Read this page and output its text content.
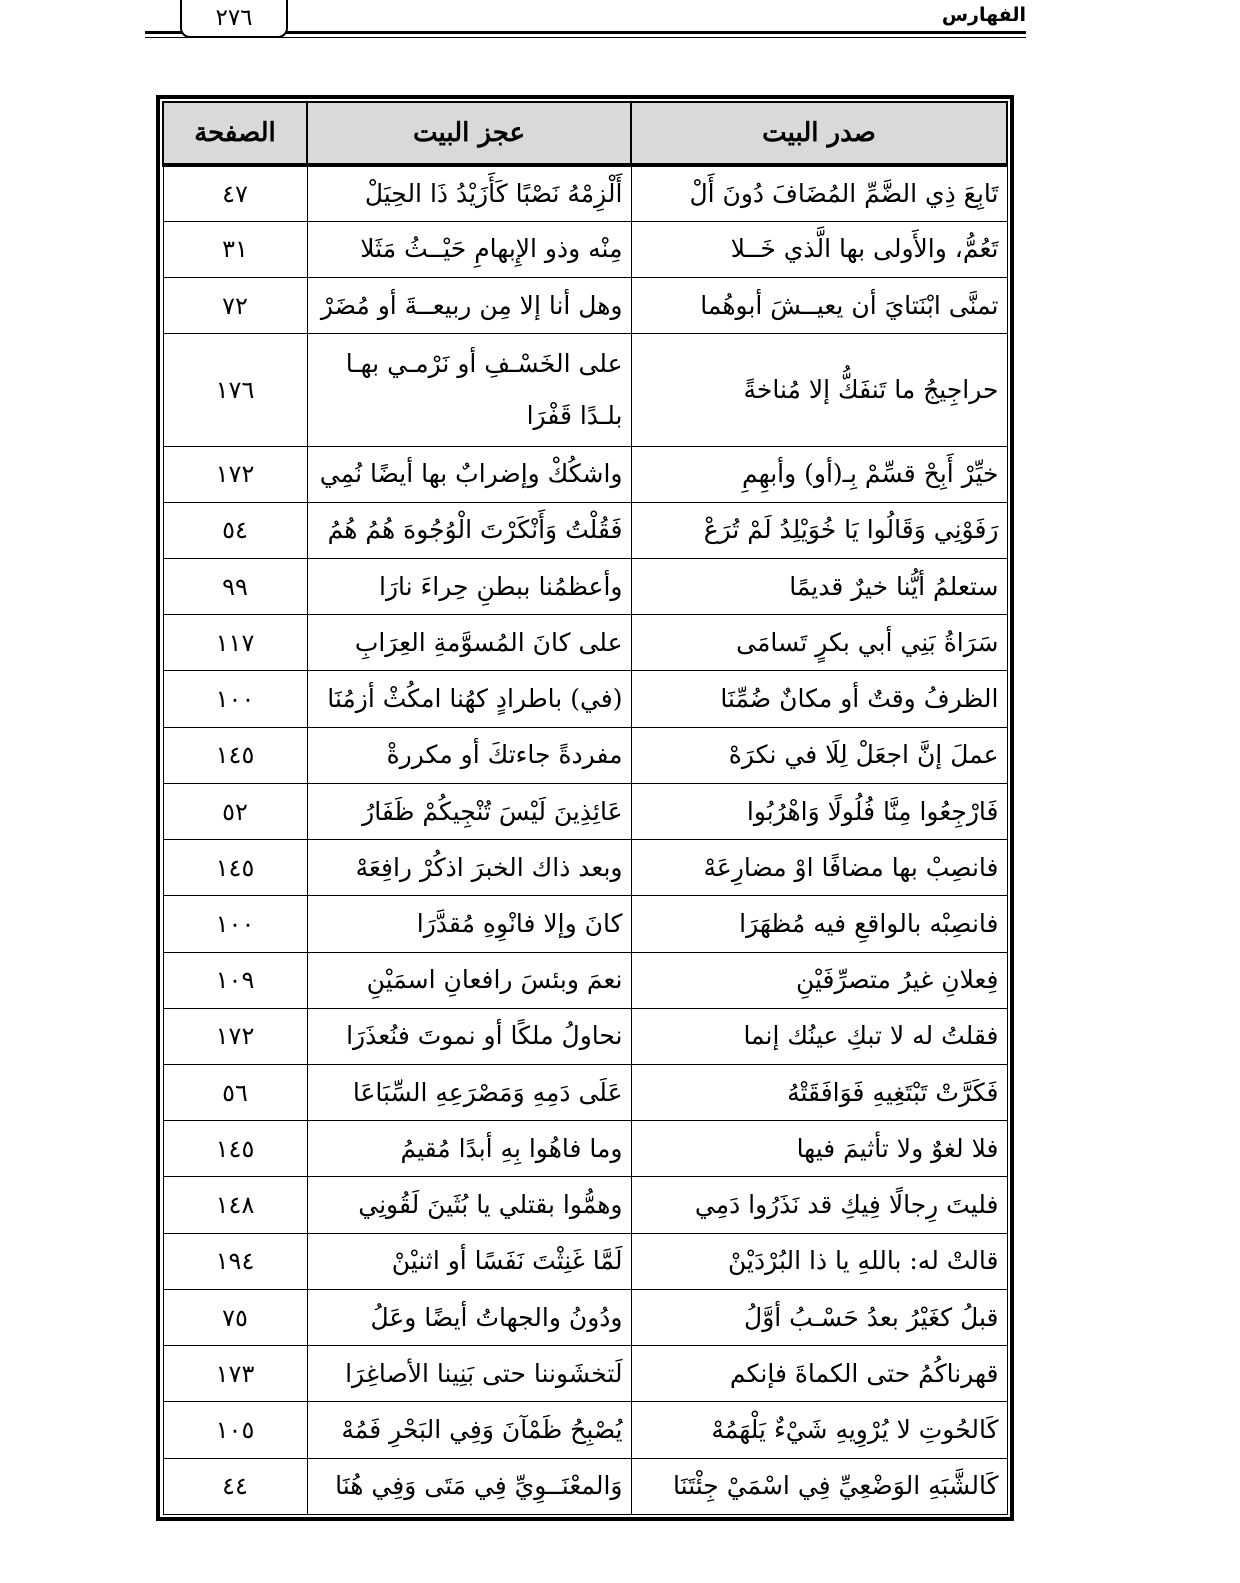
الفهارس
٢٧٦
صدر البيت	عجز البيت	الصفحة
تَابِعَ ذِي الضَّمِّ المُضَافَ دُونَ أَلْ	أَلْزِمْهُ نَصْبًا كَأَزَيْدُ ذَا الحِيَلْ	٤٧
تَعُمُّ، والأَولى بها الَّذي خَــلا	مِنْه وذو الإِبهامِ حَيْــثُ مَثَلا	٣١
تمنَّى ابْنَتايَ أن يعيــشَ أبوهُما	وهل أنا إلا مِن ربيعــةَ أو مُضَرْ	٧٢
حراجِيجُ ما تَنفَكُّ إلا مُناخةً	على الخَسْـفِ أو نَرْمـي بهـا بلـدًا قَفْرَا	١٧٦
خيِّرْ أَبِحْ قسِّمْ بِـ(أو) وأبهِمِ	واشكُكْ وإضرابٌ بها أيضًا نُمِي	١٧٢
رَفَوْنِي وَقَالُوا يَا خُوَيْلِدُ لَمْ تُرَعْ	فَقُلْتُ وَأَنْكَرْتَ الْوُجُوهَ هُمُ هُمُ	٥٤
ستعلمُ أيُّنا خيرٌ قديمًا	وأعظمُنا ببطنِ حِراءَ نارَا	٩٩
سَرَاةُ بَنِي أبي بكرٍ تَسامَى	على كانَ المُسوَّمةِ العِرَابِ	١١٧
الظرفُ وقتٌ أو مكانٌ ضُمِّنَا	(في) باطرادٍ كهُنا امكُثْ أزمُنَا	١٠٠
عملَ إنَّ اجعَلْ لِلَا في نكرَهْ	مفردةً جاءتكَ أو مكررةْ	١٤٥
فَارْجِعُوا مِنَّا فُلُولًا وَاهْرُبُوا	عَائِذِينَ لَيْسَ تُنْجِيكُمْ ظَفَارُ	٥٢
فانصِبْ بها مضافًا اوْ مضارِعَهْ	وبعد ذاك الخبرَ اذكُرْ رافِعَهْ	١٤٥
فانصِبْه بالواقعِ فيه مُظهَرَا	كانَ وإلا فانْوِهِ مُقدَّرَا	١٠٠
فِعلانِ غيرُ متصرِّفَيْنِ	نعمَ وبئسَ رافعانِ اسمَيْنِ	١٠٩
فقلتُ له لا تبكِ عينُك إنما	نحاولُ ملكًا أو نموتَ فنُعذَرَا	١٧٢
فَكَرَّتْ تَبْتَغِيهِ فَوَافَقَتْهُ	عَلَى دَمِهِ وَمَصْرَعِهِ السِّبَاعَا	٥٦
فلا لغوٌ ولا تأثيمَ فيها	وما فاهُوا بِهِ أبدًا مُقيمُ	١٤٥
فليتَ رِجالًا فِيكِ قد نَذَرُوا دَمِي	وهمُّوا بقتلي يا بُثَينَ لَقُونِي	١٤٨
قالتْ له: باللهِ يا ذا البُرْدَيْنْ	لَمَّا غَنِثْتَ نَفَسًا أو اثنيْنْ	١٩٤
قبلُ كغَيْرُ بعدُ حَسْـبُ أوَّلُ	ودُونُ والجهاتُ أيضًا وعَلُ	٧٥
قهرناكُمُ حتى الكماةَ فإنكم	لَتخشَوننا حتى بَنِينا الأصاغِرَا	١٧٣
كَالحُوتِ لا يُرْوِيهِ شَيْءٌ يَلْهَمُهْ	يُصْبِحُ ظَمْآنَ وَفِي البَحْرِ فَمُهْ	١٠٥
كَالشَّبَهِ الوَضْعِيِّ فِي اسْمَيْ جِئْتَنَا	وَالمعْنَــوِيِّ فِي مَتَى وَفِي هُنَا	٤٤
